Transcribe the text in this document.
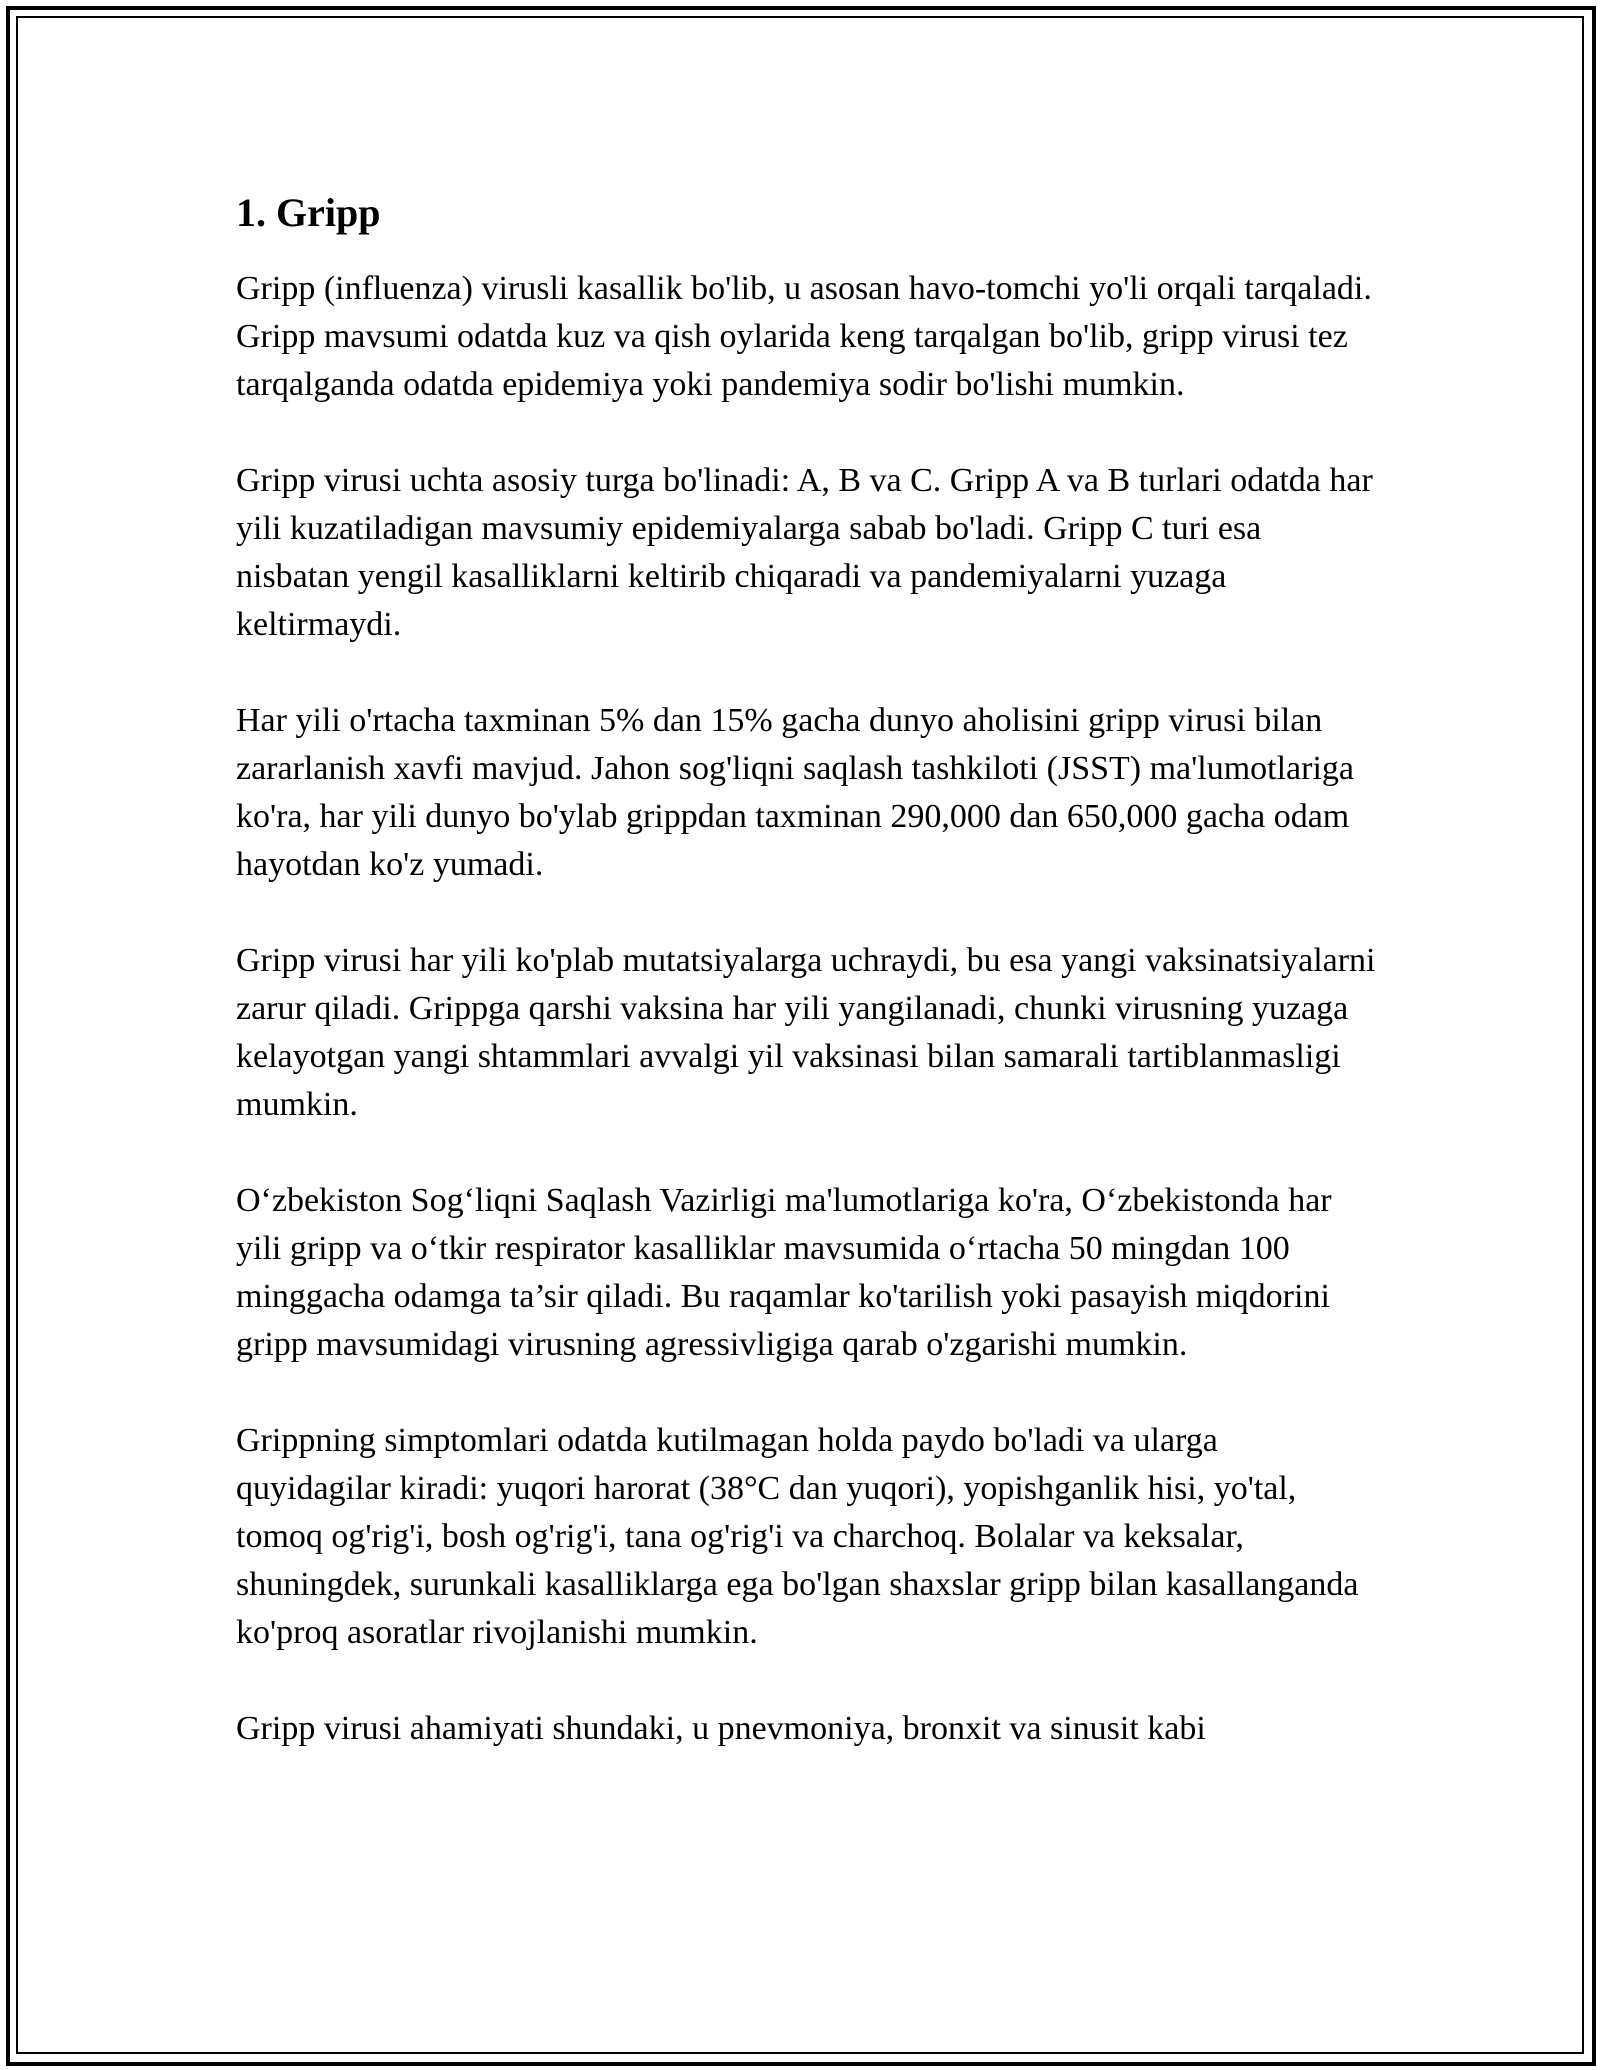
1. Gripp

Gripp (influenza) virusli kasallik bo'lib, u asosan havo-tomchi yo'li orqali tarqaladi. Gripp mavsumi odatda kuz va qish oylarida keng tarqalgan bo'lib, gripp virusi tez tarqalganda odatda epidemiya yoki pandemiya sodir bo'lishi mumkin.

Gripp virusi uchta asosiy turga bo'linadi: A, B va C. Gripp A va B turlari odatda har yili kuzatiladigan mavsumiy epidemiyalarga sabab bo'ladi. Gripp C turi esa nisbatan yengil kasalliklarni keltirib chiqaradi va pandemiyalarni yuzaga keltirmaydi.

Har yili o'rtacha taxminan 5% dan 15% gacha dunyo aholisini gripp virusi bilan zararlanish xavfi mavjud. Jahon sog'liqni saqlash tashkiloti (JSST) ma'lumotlariga ko'ra, har yili dunyo bo'ylab grippdan taxminan 290,000 dan 650,000 gacha odam hayotdan ko'z yumadi.

Gripp virusi har yili ko'plab mutatsiyalarga uchraydi, bu esa yangi vaksinatsiyalarni zarur qiladi. Grippga qarshi vaksina har yili yangilanadi, chunki virusning yuzaga kelayotgan yangi shtammlari avvalgi yil vaksinasi bilan samarali tartiblanmasligi mumkin.

O‘zbekiston Sog‘liqni Saqlash Vazirligi ma'lumotlariga ko'ra, O‘zbekistonda har yili gripp va o‘tkir respirator kasalliklar mavsumida o‘rtacha 50 mingdan 100 minggacha odamga ta’sir qiladi. Bu raqamlar ko'tarilish yoki pasayish miqdorini gripp mavsumidagi virusning agressivligiga qarab o'zgarishi mumkin.

Grippning simptomlari odatda kutilmagan holda paydo bo'ladi va ularga quyidagilar kiradi: yuqori harorat (38°C dan yuqori), yopishganlik hisi, yo'tal, tomoq og'rig'i, bosh og'rig'i, tana og'rig'i va charchoq. Bolalar va keksalar, shuningdek, surunkali kasalliklarga ega bo'lgan shaxslar gripp bilan kasallanganda ko'proq asoratlar rivojlanishi mumkin.

Gripp virusi ahamiyati shundaki, u pnevmoniya, bronxit va sinusit kabi
